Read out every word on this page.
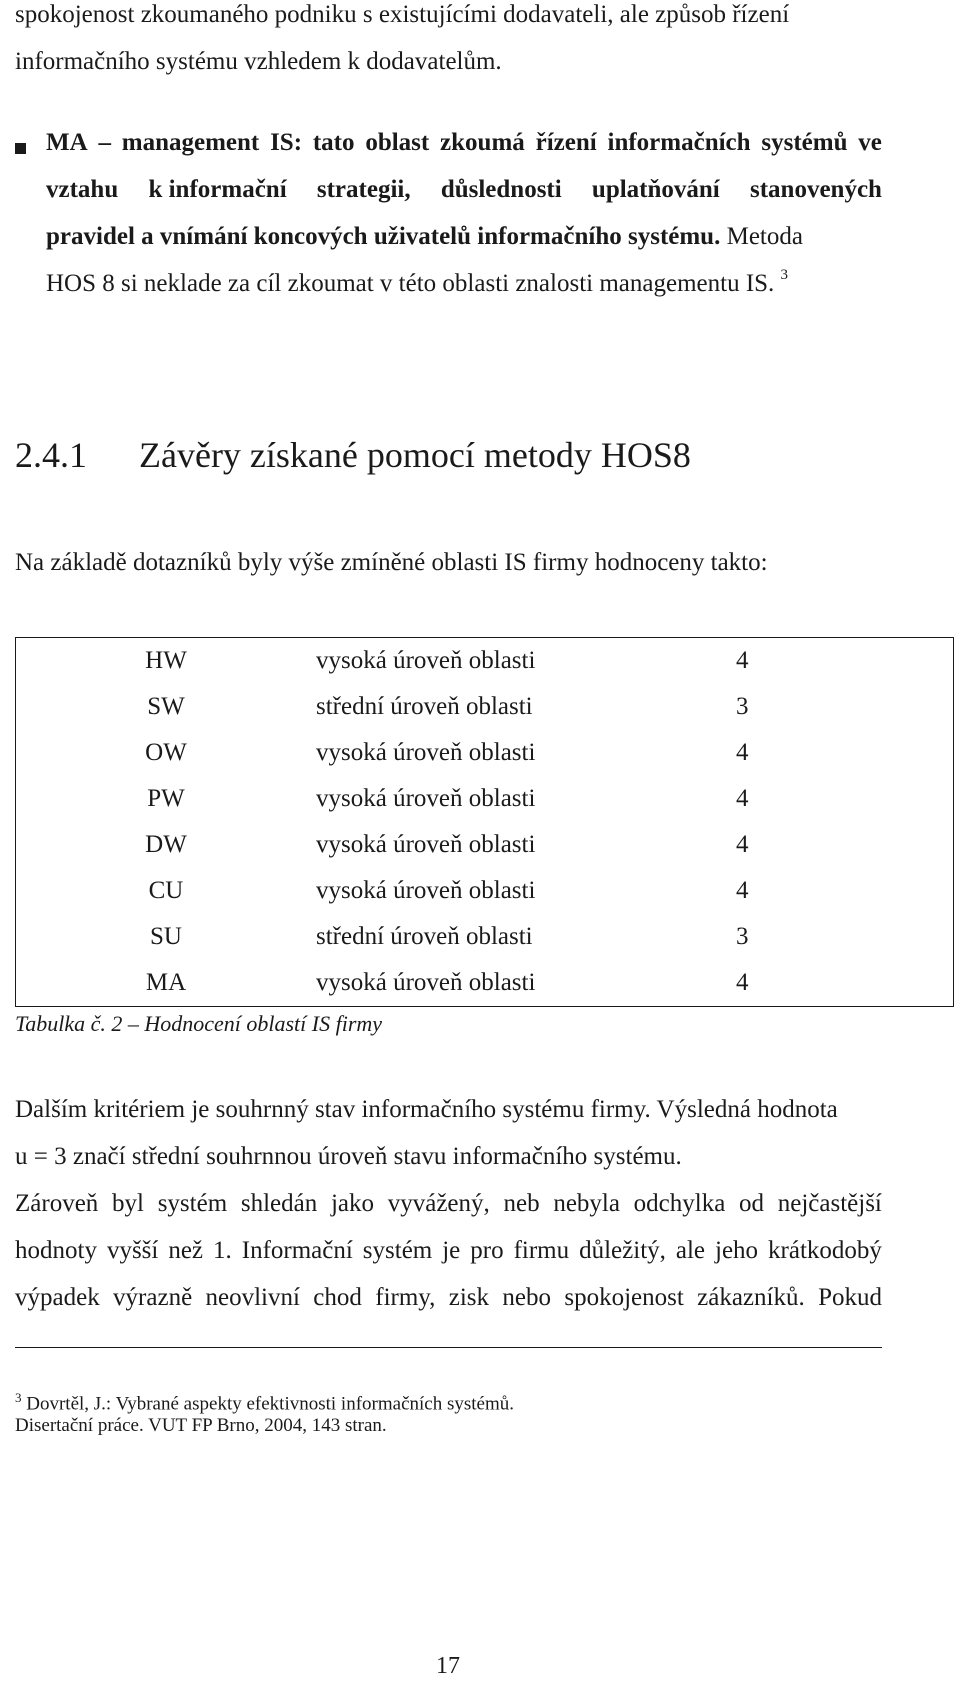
spokojenost zkoumaného podniku s existujícími dodavateli, ale způsob řízení
informačního systému vzhledem k dodavatelům.
MA – management IS: tato oblast zkoumá řízení informačních systémů ve
vztahu k informační strategii, důslednosti uplatňování stanovených
pravidel a vnímání koncových uživatelů informačního systému. Metoda
HOS 8 si neklade za cíl zkoumat v této oblasti znalosti managementu IS. $^3$
2.4.1 Závěry získané pomocí metody HOS8
Na základě dotazníků byly výše zmíněné oblasti IS firmy hodnoceny takto:
HW	vysoká úroveň oblasti	4
SW	střední úroveň oblasti	3
OW	vysoká úroveň oblasti	4
PW	vysoká úroveň oblasti	4
DW	vysoká úroveň oblasti	4
CU	vysoká úroveň oblasti	4
SU	střední úroveň oblasti	3
MA	vysoká úroveň oblasti	4
Tabulka č. 2 – Hodnocení oblastí IS firmy
Dalším kritériem je souhrnný stav informačního systému firmy. Výsledná hodnota
u = 3 značí střední souhrnnou úroveň stavu informačního systému.
Zároveň byl systém shledán jako vyvážený, neb nebyla odchylka od nejčastější
hodnoty vyšší než 1. Informační systém je pro firmu důležitý, ale jeho krátkodobý
výpadek výrazně neovlivní chod firmy, zisk nebo spokojenost zákazníků. Pokud
$^3$ Dovrtěl, J.: Vybrané aspekty efektivnosti informačních systémů.
Disertační práce. VUT FP Brno, 2004, 143 stran.
17
